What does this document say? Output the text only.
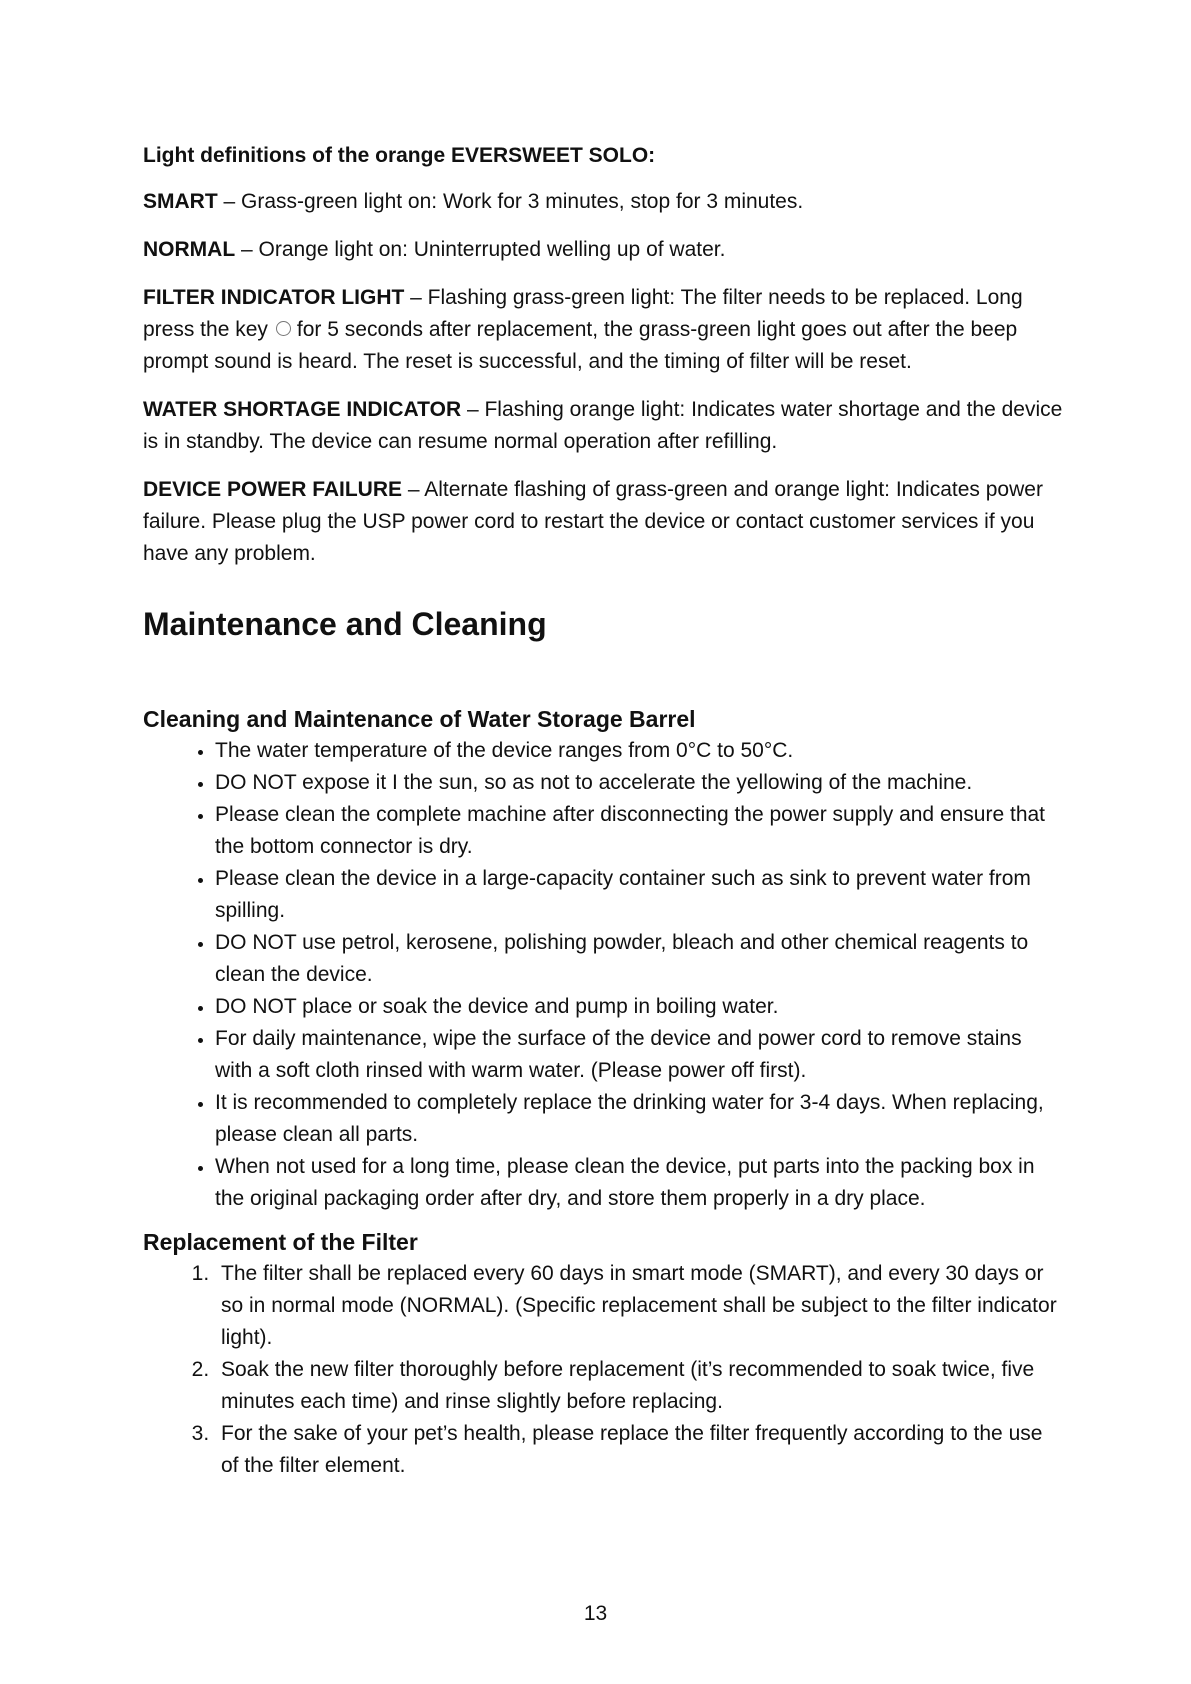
Light definitions of the orange EVERSWEET SOLO:

SMART – Grass-green light on: Work for 3 minutes, stop for 3 minutes.

NORMAL – Orange light on: Uninterrupted welling up of water.

FILTER INDICATOR LIGHT – Flashing grass-green light: The filter needs to be replaced. Long press the key for 5 seconds after replacement, the grass-green light goes out after the beep prompt sound is heard. The reset is successful, and the timing of filter will be reset.

WATER SHORTAGE INDICATOR – Flashing orange light: Indicates water shortage and the device is in standby. The device can resume normal operation after refilling.

DEVICE POWER FAILURE – Alternate flashing of grass-green and orange light: Indicates power failure. Please plug the USP power cord to restart the device or contact customer services if you have any problem.

Maintenance and Cleaning
Cleaning and Maintenance of Water Storage Barrel
• The water temperature of the device ranges from 0°C to 50°C.
• DO NOT expose it I the sun, so as not to accelerate the yellowing of the machine.
• Please clean the complete machine after disconnecting the power supply and ensure that the bottom connector is dry.
• Please clean the device in a large-capacity container such as sink to prevent water from spilling.
• DO NOT use petrol, kerosene, polishing powder, bleach and other chemical reagents to clean the device.
• DO NOT place or soak the device and pump in boiling water.
• For daily maintenance, wipe the surface of the device and power cord to remove stains with a soft cloth rinsed with warm water. (Please power off first).
• It is recommended to completely replace the drinking water for 3-4 days. When replacing, please clean all parts.
• When not used for a long time, please clean the device, put parts into the packing box in the original packaging order after dry, and store them properly in a dry place.
Replacement of the Filter
1. The filter shall be replaced every 60 days in smart mode (SMART), and every 30 days or so in normal mode (NORMAL). (Specific replacement shall be subject to the filter indicator light).
2. Soak the new filter thoroughly before replacement (it’s recommended to soak twice, five minutes each time) and rinse slightly before replacing.
3. For the sake of your pet’s health, please replace the filter frequently according to the use of the filter element.
13
